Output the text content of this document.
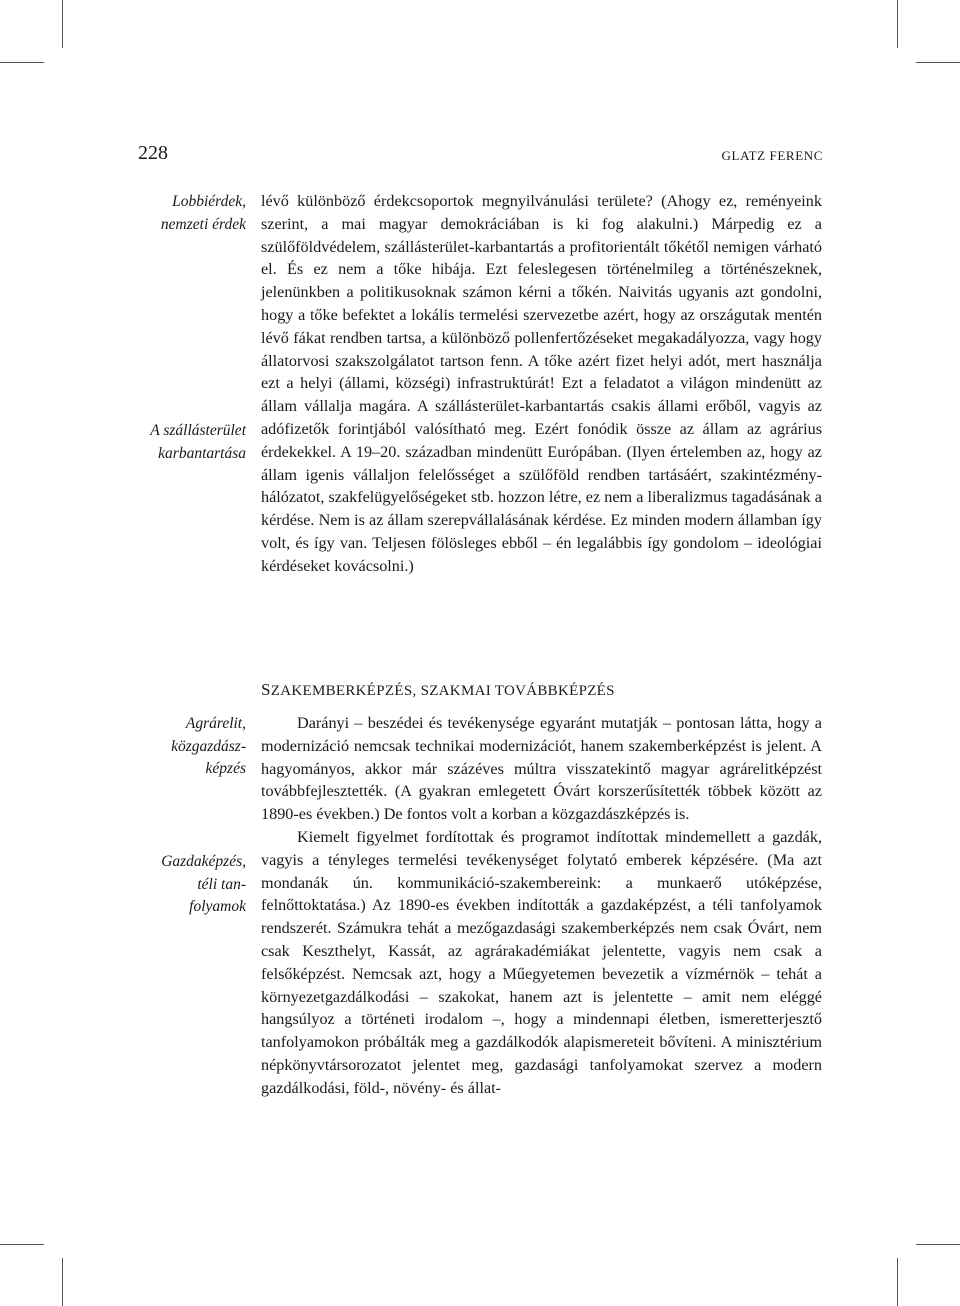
228	GLATZ FERENC
Lobbiérdek,
nemzeti érdek
A szállásterület
karbantartása
Agrárelit,
közgazdász-
képzés
Gazdaképzés,
téli tan-
folyamok

lévő különböző érdekcsoportok megnyilvánulási területe? (Ahogy ez, reményeink szerint, a mai magyar demokráciában is ki fog alakulni.) Márpedig ez a szülőföldvédelem, szállásterület-karbantartás a profitorientált tőkétől nemigen várható el. És ez nem a tőke hibája. Ezt feleslegesen történelmileg a történészeknek, jelenünkben a politikusoknak számon kérni a tőkén. Naivitás ugyanis azt gondolni, hogy a tőke befektet a lokális termelési szervezetbe azért, hogy az országutak mentén lévő fákat rendben tartsa, a különböző pollenfertőzéseket megakadályozza, vagy hogy állatorvosi szakszolgálatot tartson fenn. A tőke azért fizet helyi adót, mert használja ezt a helyi (állami, községi) infrastruktúrát! Ezt a feladatot a világon mindenütt az állam vállalja magára. A szállásterület-karbantartás csakis állami erőből, vagyis az adófizetők forintjából valósítható meg. Ezért fonódik össze az állam az agrárius érdekekkel. A 19–20. században mindenütt Európában. (Ilyen értelemben az, hogy az állam igenis vállaljon felelősséget a szülőföld rendben tartásáért, szakintézmény-hálózatot, szakfelügyelőségeket stb. hozzon létre, ez nem a liberalizmus tagadásának a kérdése. Nem is az állam szerepvállalásának kérdése. Ez minden modern államban így volt, és így van. Teljesen fölösleges ebből – én legalábbis így gondolom – ideológiai kérdéseket kovácsolni.)

SZAKEMBERKÉPZÉS, SZAKMAI TOVÁBBKÉPZÉS

Darányi – beszédei és tevékenysége egyaránt mutatják – pontosan látta, hogy a modernizáció nemcsak technikai modernizációt, hanem szakemberképzést is jelent. A hagyományos, akkor már százéves múltra visszatekintő magyar agrárelitképzést továbbfejlesztették. (A gyakran emlegetett Óvárt korszerűsítették többek között az 1890-es években.) De fontos volt a korban a közgazdászképzés is.

Kiemelt figyelmet fordítottak és programot indítottak mindemellett a gazdák, vagyis a tényleges termelési tevékenységet folytató emberek képzésére. (Ma azt mondanák ún. kommunikáció-szakembereink: a munkaerő utóképzése, felnőttoktatása.) Az 1890-es években indították a gazdaképzést, a téli tanfolyamok rendszerét. Számukra tehát a mezőgazdasági szakemberképzés nem csak Óvárt, nem csak Keszthelyt, Kassát, az agrárakadémiákat jelentette, vagyis nem csak a felsőképzést. Nemcsak azt, hogy a Műegyetemen bevezetik a vízmérnök – tehát a környezetgazdálkodási – szakokat, hanem azt is jelentette – amit nem eléggé hangsúlyoz a történeti irodalom –, hogy a mindennapi életben, ismeretterjesztő tanfolyamokon próbálták meg a gazdálkodók alapismereteit bővíteni. A minisztérium népkönyvtársorozatot jelentet meg, gazdasági tanfolyamokat szervez a modern gazdálkodási, föld-, növény- és állat-
